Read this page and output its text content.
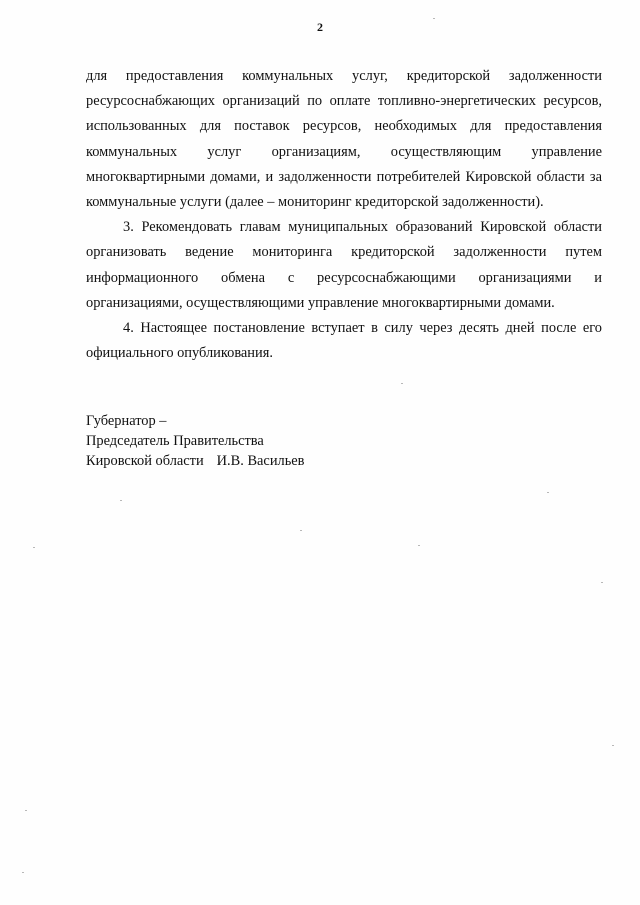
2

для предоставления коммунальных услуг, кредиторской задолженности ресурсоснабжающих организаций по оплате топливно-энергетических ресурсов, использованных для поставок ресурсов, необходимых для предоставления коммунальных услуг организациям, осуществляющим управление многоквартирными домами, и задолженности потребителей Кировской области за коммунальные услуги (далее – мониторинг кредиторской задолженности).

3. Рекомендовать главам муниципальных образований Кировской области организовать ведение мониторинга кредиторской задолженности путем информационного обмена с ресурсоснабжающими организациями и организациями, осуществляющими управление многоквартирными домами.

4. Настоящее постановление вступает в силу через десять дней после его официального опубликования.

Губернатор –
Председатель Правительства
Кировской области И.В. Васильев
